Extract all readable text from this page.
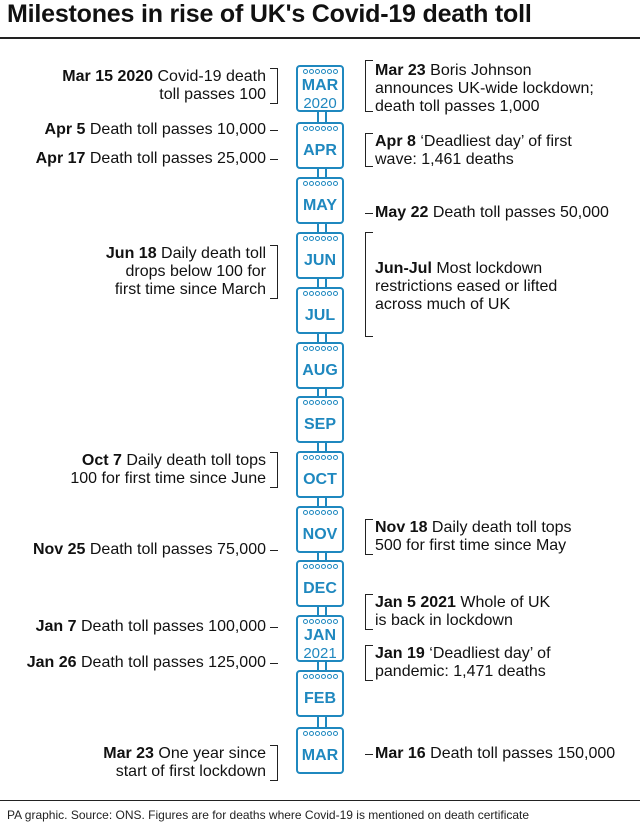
Milestones in rise of UK's Covid-19 death toll
MAR
2020
APR
MAY
JUN
JUL
AUG
SEP
OCT
NOV
DEC
JAN
2021
FEB
MAR
Mar 15 2020 Covid-19 death
toll passes 100
Apr 5 Death toll passes 10,000
Apr 17 Death toll passes 25,000
Jun 18 Daily death toll
drops below 100 for
first time since March
Oct 7 Daily death toll tops
100 for first time since June
Nov 25 Death toll passes 75,000
Jan 7 Death toll passes 100,000
Jan 26 Death toll passes 125,000
Mar 23 One year since
start of first lockdown
Mar 23 Boris Johnson
announces UK-wide lockdown;
death toll passes 1,000
Apr 8 ‘Deadliest day’ of first
wave: 1,461 deaths
May 22 Death toll passes 50,000
Jun-Jul Most lockdown
restrictions eased or lifted
across much of UK
Nov 18 Daily death toll tops
500 for first time since May
Jan 5 2021 Whole of UK
is back in lockdown
Jan 19 ‘Deadliest day’ of
pandemic: 1,471 deaths
Mar 16 Death toll passes 150,000
PA graphic. Source: ONS. Figures are for deaths where Covid-19 is mentioned on death certificate
